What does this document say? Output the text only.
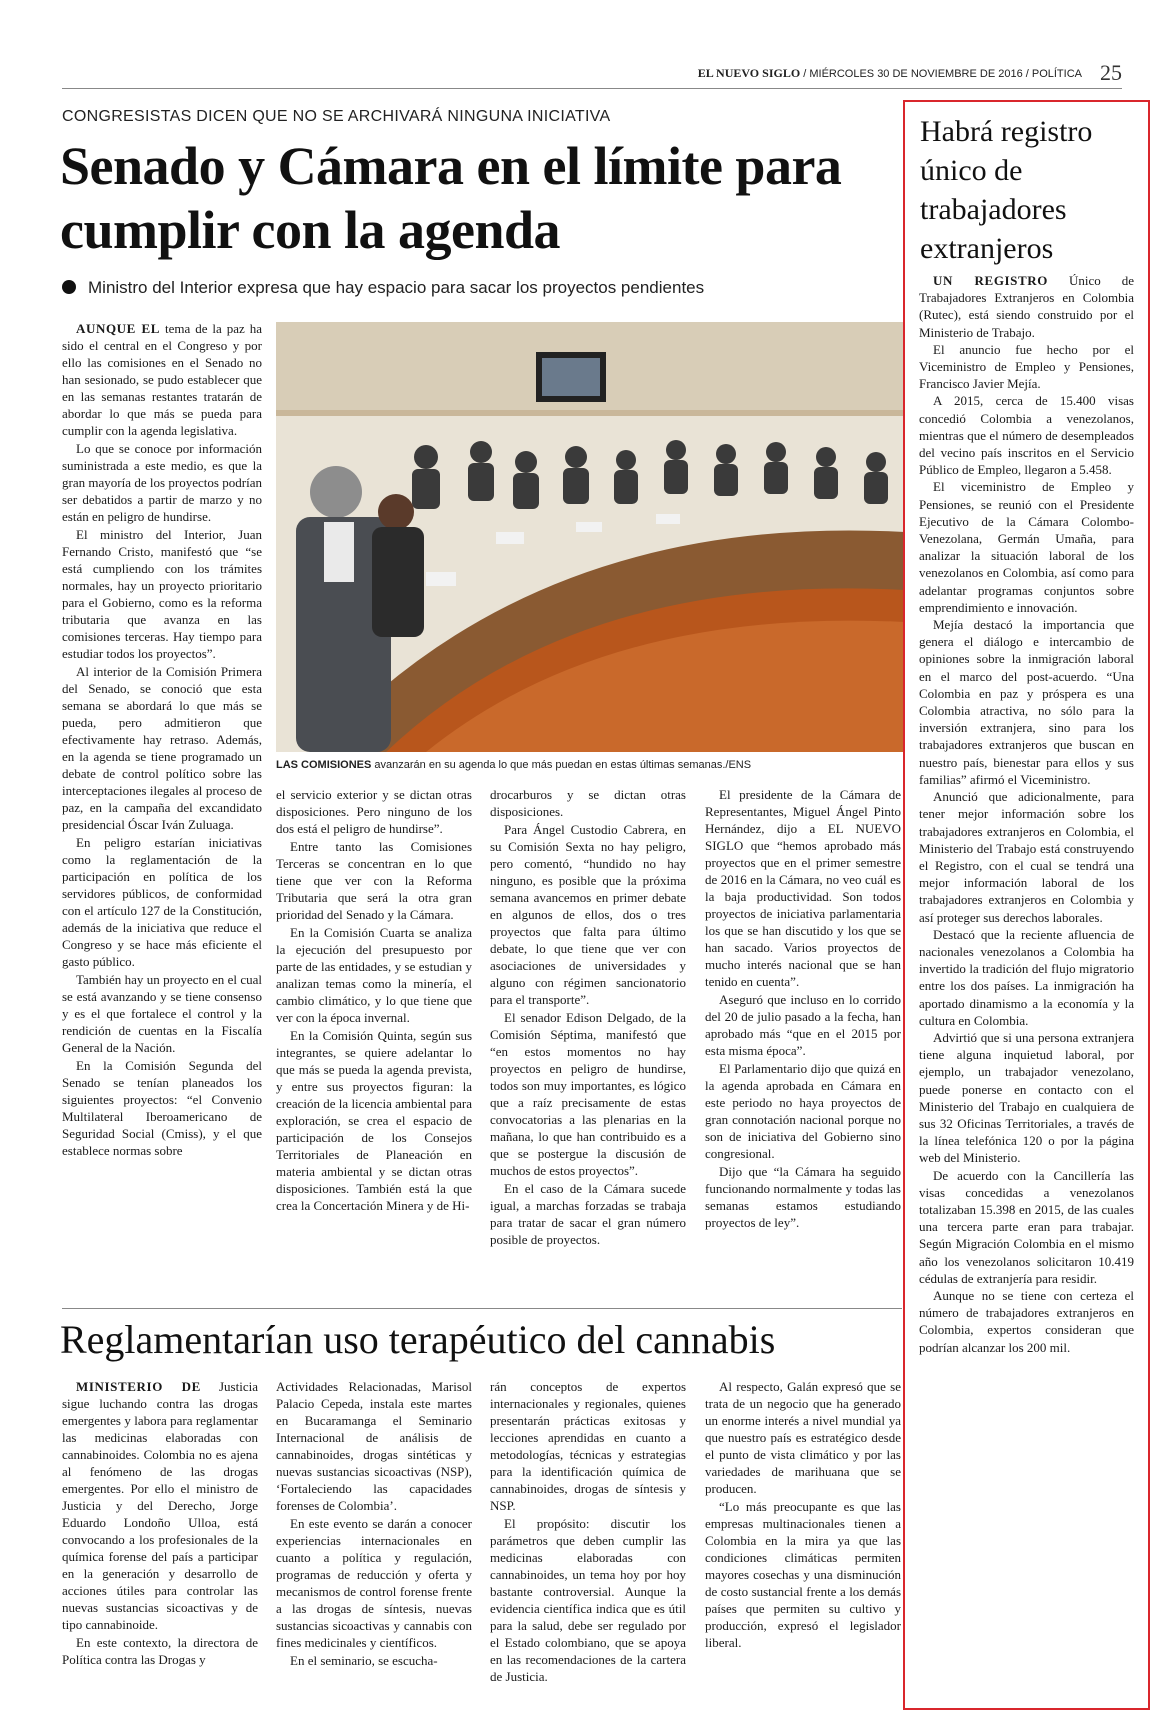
EL NUEVO SIGLO / MIÉRCOLES 30 DE NOVIEMBRE DE 2016 / POLÍTICA 25
CONGRESISTAS DICEN QUE NO SE ARCHIVARÁ NINGUNA INICIATIVA
Senado y Cámara en el límite para cumplir con la agenda
Ministro del Interior expresa que hay espacio para sacar los proyectos pendientes

AUNQUE EL tema de la paz ha sido el central en el Congreso y por ello las comisiones en el Senado no han sesionado, se pudo establecer que en las semanas restantes tratarán de abordar lo que más se pueda para cumplir con la agenda legislativa.

Lo que se conoce por información suministrada a este medio, es que la gran mayoría de los proyectos podrían ser debatidos a partir de marzo y no están en peligro de hundirse.

El ministro del Interior, Juan Fernando Cristo, manifestó que “se está cumpliendo con los trámites normales, hay un proyecto prioritario para el Gobierno, como es la reforma tributaria que avanza en las comisiones terceras. Hay tiempo para estudiar todos los proyectos”.

Al interior de la Comisión Primera del Senado, se conoció que esta semana se abordará lo que más se pueda, pero admitieron que efectivamente hay retraso. Además, en la agenda se tiene programado un debate de control político sobre las interceptaciones ilegales al proceso de paz, en la campaña del excandidato presidencial Óscar Iván Zuluaga.

En peligro estarían iniciativas como la reglamentación de la participación en política de los servidores públicos, de conformidad con el artículo 127 de la Constitución, además de la iniciativa que reduce el Congreso y se hace más eficiente el gasto público.

También hay un proyecto en el cual se está avanzando y se tiene consenso y es el que fortalece el control y la rendición de cuentas en la Fiscalía General de la Nación.

En la Comisión Segunda del Senado se tenían planeados los siguientes proyectos: “el Convenio Multilateral Iberoamericano de Seguridad Social (Cmiss), y el que establece normas sobre

LAS COMISIONES avanzarán en su agenda lo que más puedan en estas últimas semanas./ENS

el servicio exterior y se dictan otras disposiciones. Pero ninguno de los dos está el peligro de hundirse”.

Entre tanto las Comisiones Terceras se concentran en lo que tiene que ver con la Reforma Tributaria que será la otra gran prioridad del Senado y la Cámara.

En la Comisión Cuarta se analiza la ejecución del presupuesto por parte de las entidades, y se estudian y analizan temas como la minería, el cambio climático, y lo que tiene que ver con la época invernal.

En la Comisión Quinta, según sus integrantes, se quiere adelantar lo que más se pueda la agenda prevista, y entre sus proyectos figuran: la creación de la licencia ambiental para exploración, se crea el espacio de participación de los Consejos Territoriales de Planeación en materia ambiental y se dictan otras disposiciones. También está la que crea la Concertación Minera y de Hi-

drocarburos y se dictan otras disposiciones.

Para Ángel Custodio Cabrera, en su Comisión Sexta no hay peligro, pero comentó, “hundido no hay ninguno, es posible que la próxima semana avancemos en primer debate en algunos de ellos, dos o tres proyectos que falta para último debate, lo que tiene que ver con asociaciones de universidades y alguno con régimen sancionatorio para el transporte”.

El senador Edison Delgado, de la Comisión Séptima, manifestó que “en estos momentos no hay proyectos en peligro de hundirse, todos son muy importantes, es lógico que a raíz precisamente de estas convocatorias a las plenarias en la mañana, lo que han contribuido es a que se postergue la discusión de muchos de estos proyectos”.

En el caso de la Cámara sucede igual, a marchas forzadas se trabaja para tratar de sacar el gran número posible de proyectos.

El presidente de la Cámara de Representantes, Miguel Ángel Pinto Hernández, dijo a EL NUEVO SIGLO que “hemos aprobado más proyectos que en el primer semestre de 2016 en la Cámara, no veo cuál es la baja productividad. Son todos proyectos de iniciativa parlamentaria los que se han discutido y los que se han sacado. Varios proyectos de mucho interés nacional que se han tenido en cuenta”.

Aseguró que incluso en lo corrido del 20 de julio pasado a la fecha, han aprobado más “que en el 2015 por esta misma época”.

El Parlamentario dijo que quizá en la agenda aprobada en Cámara en este periodo no haya proyectos de gran connotación nacional porque no son de iniciativa del Gobierno sino congresional.

Dijo que “la Cámara ha seguido funcionando normalmente y todas las semanas estamos estudiando proyectos de ley”.

Reglamentarían uso terapéutico del cannabis

MINISTERIO DE Justicia sigue luchando contra las drogas emergentes y labora para reglamentar las medicinas elaboradas con cannabinoides. Colombia no es ajena al fenómeno de las drogas emergentes. Por ello el ministro de Justicia y del Derecho, Jorge Eduardo Londoño Ulloa, está convocando a los profesionales de la química forense del país a participar en la generación y desarrollo de acciones útiles para controlar las nuevas sustancias sicoactivas y de tipo cannabinoide.

En este contexto, la directora de Política contra las Drogas y

Actividades Relacionadas, Marisol Palacio Cepeda, instala este martes en Bucaramanga el Seminario Internacional de análisis de cannabinoides, drogas sintéticas y nuevas sustancias sicoactivas (NSP), ‘Fortaleciendo las capacidades forenses de Colombia’.

En este evento se darán a conocer experiencias internacionales en cuanto a política y regulación, programas de reducción y oferta y mecanismos de control forense frente a las drogas de síntesis, nuevas sustancias sicoactivas y cannabis con fines medicinales y científicos.

En el seminario, se escucha-

rán conceptos de expertos internacionales y regionales, quienes presentarán prácticas exitosas y lecciones aprendidas en cuanto a metodologías, técnicas y estrategias para la identificación química de cannabinoides, drogas de síntesis y NSP.

El propósito: discutir los parámetros que deben cumplir las medicinas elaboradas con cannabinoides, un tema hoy por hoy bastante controversial. Aunque la evidencia científica indica que es útil para la salud, debe ser regulado por el Estado colombiano, que se apoya en las recomendaciones de la cartera de Justicia.

Al respecto, Galán expresó que se trata de un negocio que ha generado un enorme interés a nivel mundial ya que nuestro país es estratégico desde el punto de vista climático y por las variedades de marihuana que se producen.

“Lo más preocupante es que las empresas multinacionales tienen a Colombia en la mira ya que las condiciones climáticas permiten mayores cosechas y una disminución de costo sustancial frente a los demás países que permiten su cultivo y producción, expresó el legislador liberal.

Habrá registro único de trabajadores extranjeros

UN REGISTRO Único de Trabajadores Extranjeros en Colombia (Rutec), está siendo construido por el Ministerio de Trabajo.

El anuncio fue hecho por el Viceministro de Empleo y Pensiones, Francisco Javier Mejía.

A 2015, cerca de 15.400 visas concedió Colombia a venezolanos, mientras que el número de desempleados del vecino país inscritos en el Servicio Público de Empleo, llegaron a 5.458.

El viceministro de Empleo y Pensiones, se reunió con el Presidente Ejecutivo de la Cámara Colombo-Venezolana, Germán Umaña, para analizar la situación laboral de los venezolanos en Colombia, así como para adelantar programas conjuntos sobre emprendimiento e innovación.

Mejía destacó la importancia que genera el diálogo e intercambio de opiniones sobre la inmigración laboral en el marco del post-acuerdo. “Una Colombia en paz y próspera es una Colombia atractiva, no sólo para la inversión extranjera, sino para los trabajadores extranjeros que buscan en nuestro país, bienestar para ellos y sus familias” afirmó el Viceministro.

Anunció que adicionalmente, para tener mejor información sobre los trabajadores extranjeros en Colombia, el Ministerio del Trabajo está construyendo el Registro, con el cual se tendrá una mejor información laboral de los trabajadores extranjeros en Colombia y así proteger sus derechos laborales.

Destacó que la reciente afluencia de nacionales venezolanos a Colombia ha invertido la tradición del flujo migratorio entre los dos países. La inmigración ha aportado dinamismo a la economía y la cultura en Colombia.

Advirtió que si una persona extranjera tiene alguna inquietud laboral, por ejemplo, un trabajador venezolano, puede ponerse en contacto con el Ministerio del Trabajo en cualquiera de sus 32 Oficinas Territoriales, a través de la línea telefónica 120 o por la página web del Ministerio.

De acuerdo con la Cancillería las visas concedidas a venezolanos totalizaban 15.398 en 2015, de las cuales una tercera parte eran para trabajar. Según Migración Colombia en el mismo año los venezolanos solicitaron 10.419 cédulas de extranjería para residir.

Aunque no se tiene con certeza el número de trabajadores extranjeros en Colombia, expertos consideran que podrían alcanzar los 200 mil.
